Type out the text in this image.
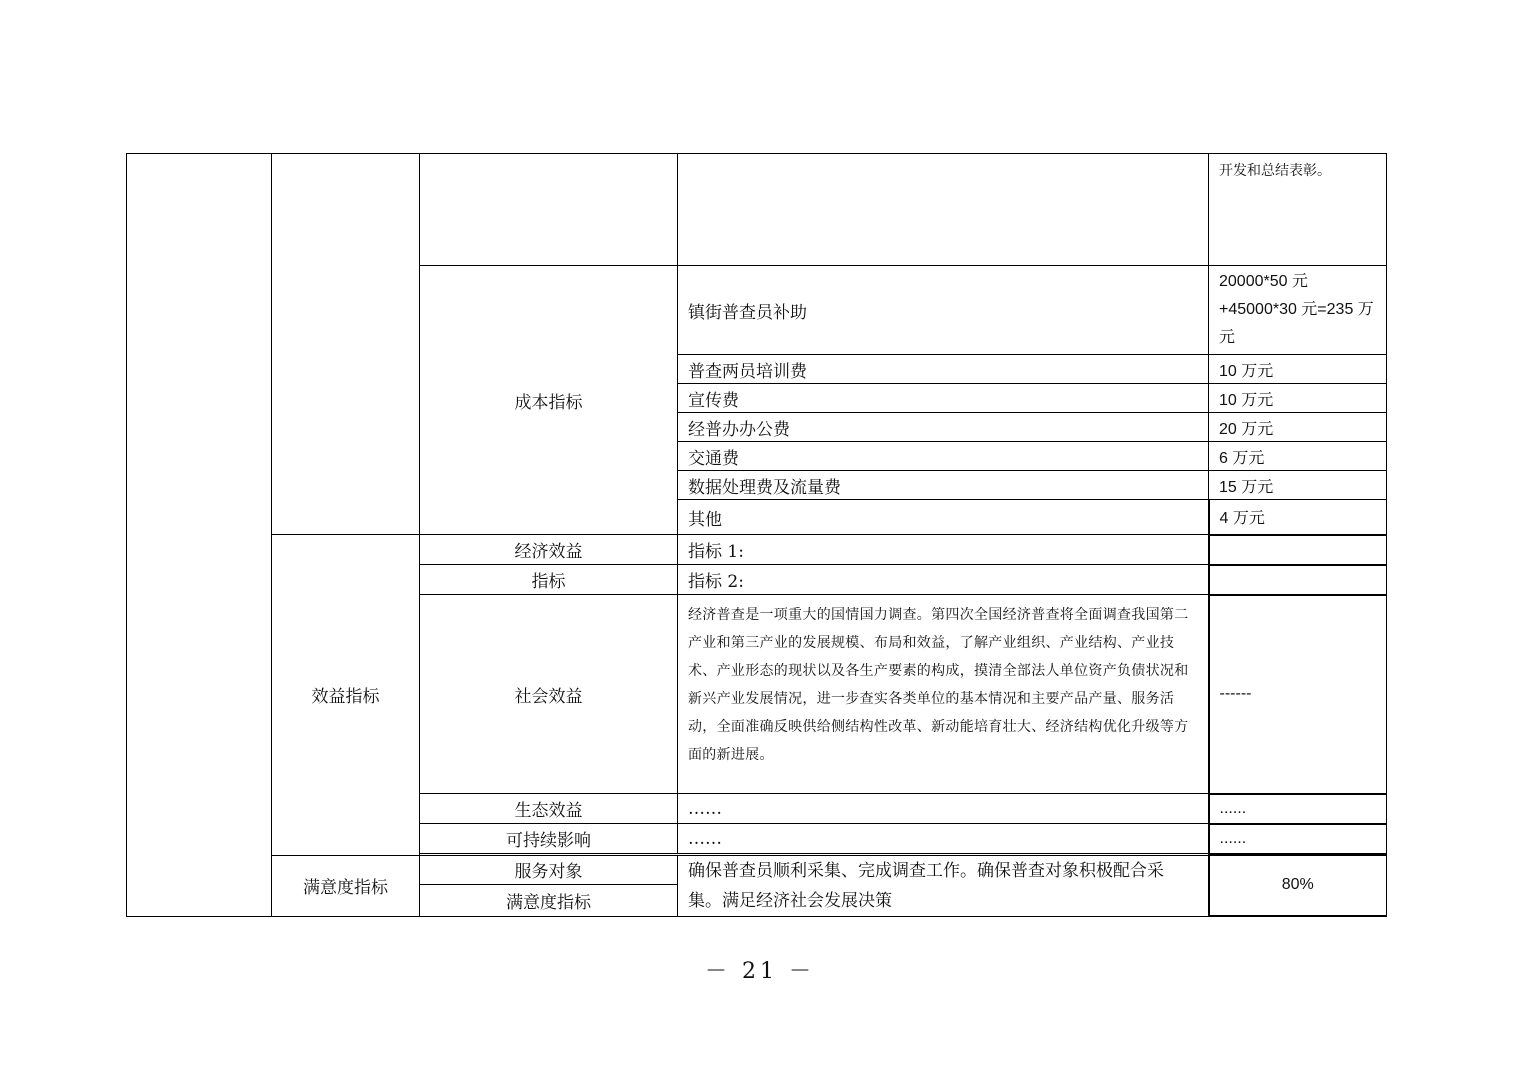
				开发和总结表彰。
		成本指标	镇街普查员补助	20000*50 元 +45000*30 元=235 万元
			普查两员培训费	10 万元
			宣传费	10 万元
			经普办办公费	20 万元
			交通费	6 万元
			数据处理费及流量费	15 万元
			其他	4 万元
	效益指标	经济效益	指标 1:	
		指标	指标 2:	
		社会效益	经济普查是一项重大的国情国力调查。第四次全国经济普查将全面调查我国第二产业和第三产业的发展规模、布局和效益，了解产业组织、产业结构、产业技术、产业形态的现状以及各生产要素的构成，摸清全部法人单位资产负债状况和新兴产业发展情况，进一步查实各类单位的基本情况和主要产品产量、服务活动，全面准确反映供给侧结构性改革、新动能培育壮大、经济结构优化升级等方面的新进展。	------
		生态效益	……	......
		可持续影响	……	......

	满意度指标	服务对象	确保普查员顺利采集、完成调查工作。确保普查对象积极配合采集。满足经济社会发展决策	80%
		满意度指标		
－ 21 －
